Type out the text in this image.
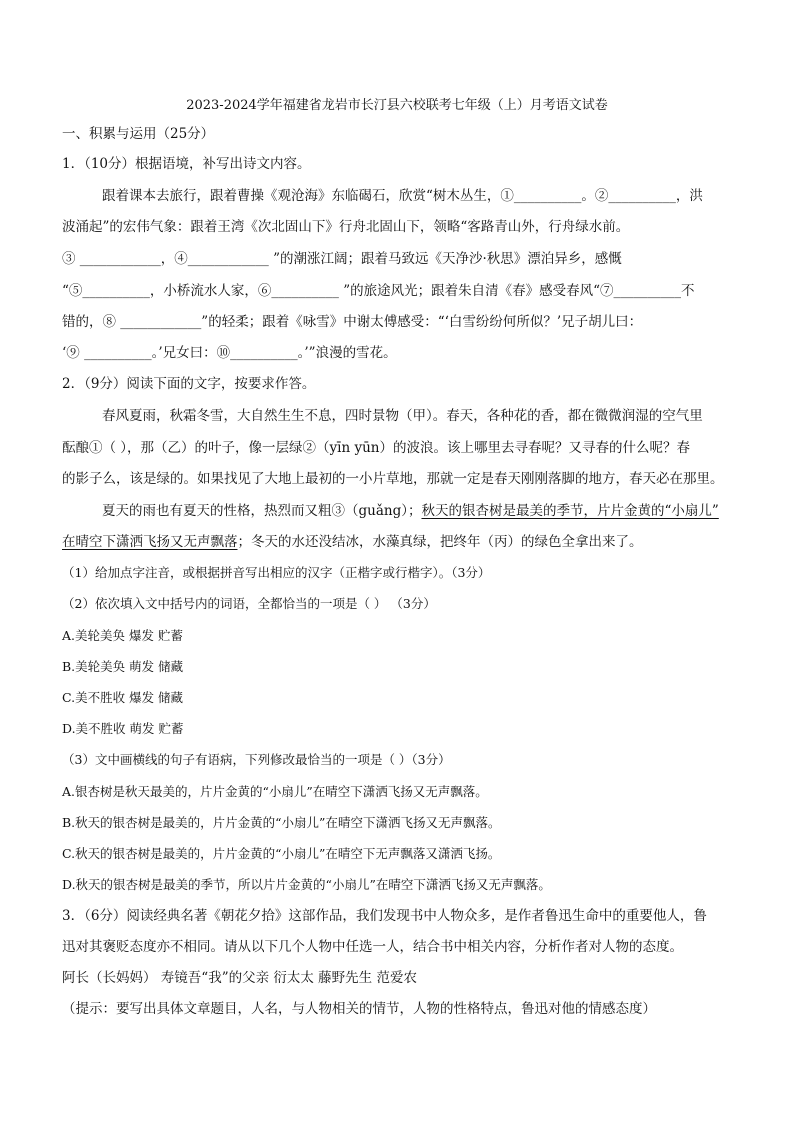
2023-2024学年福建省龙岩市长汀县六校联考七年级（上）月考语文试卷
一、积累与运用（25分）
1．（10分）根据语境，补写出诗文内容。
跟着课本去旅行，跟着曹操《观沧海》东临碣石，欣赏“树木丛生，①__________。②__________，洪
波涌起”的宏伟气象：跟着王湾《次北固山下》行舟北固山下，领略“客路青山外，行舟绿水前。
③ ____________，④____________ ”的潮涨江阔；跟着马致远《天净沙·秋思》漂泊异乡，感慨
“⑤__________，小桥流水人家，⑥__________ ”的旅途风光；跟着朱自清《春》感受春风“⑦__________不
错的，⑧ ____________”的轻柔；跟着《咏雪》中谢太傅感受：“‘白雪纷纷何所似？’兄子胡儿曰：
‘⑨ __________。’兄女曰：⑩__________。’”浪漫的雪花。
2．（9分）阅读下面的文字，按要求作答。
春风夏雨，秋霜冬雪，大自然生生不息，四时景物（甲）。春天，各种花的香，都在微微润湿的空气里
酝酿①（ ），那（乙）的叶子，像一层绿②（yīn yūn）的波浪。该上哪里去寻春呢？又寻春的什么呢？春
的影子么，该是绿的。如果找见了大地上最初的一小片草地，那就一定是春天刚刚落脚的地方，春天必在那里。
夏天的雨也有夏天的性格，热烈而又粗③（guǎng）；秋天的银杏树是最美的季节，片片金黄的“小扇儿”
在晴空下潇洒飞扬又无声飘落；冬天的水还没结冰，水藻真绿，把终年（丙）的绿色全拿出来了。
（1）给加点字注音，或根据拼音写出相应的汉字（正楷字或行楷字）。（3分）
（2）依次填入文中括号内的词语，全都恰当的一项是（ ） （3分）
A.美轮美奂 爆发 贮蓄
B.美轮美奂 萌发 储藏
C.美不胜收 爆发 储藏
D.美不胜收 萌发 贮蓄
（3）文中画横线的句子有语病，下列修改最恰当的一项是（ ）（3分）
A.银杏树是秋天最美的，片片金黄的“小扇儿”在晴空下潇洒飞扬又无声飘落。
B.秋天的银杏树是最美的，片片金黄的“小扇儿”在晴空下潇洒飞扬又无声飘落。
C.秋天的银杏树是最美的，片片金黄的“小扇儿”在晴空下无声飘落又潇洒飞扬。
D.秋天的银杏树是最美的季节，所以片片金黄的“小扇儿”在晴空下潇洒飞扬又无声飘落。
3．（6分）阅读经典名著《朝花夕拾》这部作品，我们发现书中人物众多，是作者鲁迅生命中的重要他人，鲁
迅对其褒贬态度亦不相同。请从以下几个人物中任选一人，结合书中相关内容，分析作者对人物的态度。
阿长（长妈妈） 寿镜吾“我”的父亲 衍太太 藤野先生 范爱农
（提示：要写出具体文章题目，人名，与人物相关的情节，人物的性格特点，鲁迅对他的情感态度）
